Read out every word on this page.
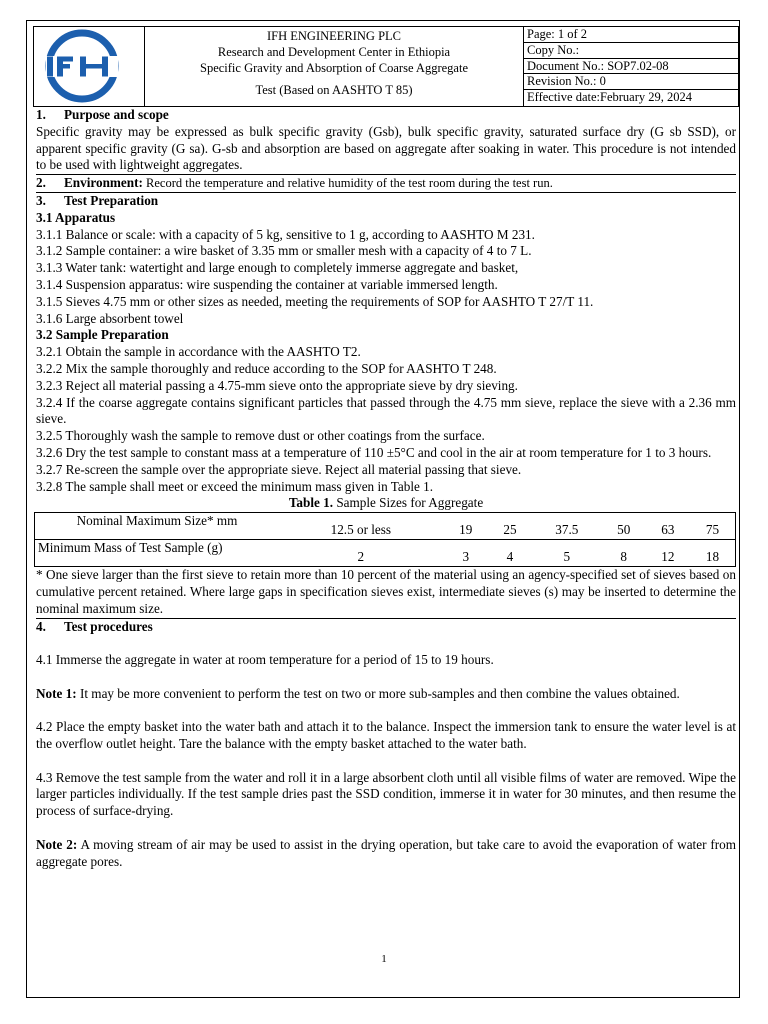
IFH
IFH ENGINEERING PLC
Research and Development Center in Ethiopia
Specific Gravity and Absorption of Coarse Aggregate
Test (Based on AASHTO T 85)
Page: 1 of 2
Copy No.:
Document No.: SOP7.02-08
Revision No.: 0
Effective date:February 29, 2024
1. Purpose and scope

Specific gravity may be expressed as bulk specific gravity (Gsb), bulk specific gravity, saturated surface dry (G sb SSD), or apparent specific gravity (G sa). G-sb and absorption are based on aggregate after soaking in water. This procedure is not intended to be used with lightweight aggregates.

2. Environment: Record the temperature and relative humidity of the test room during the test run.
3. Test Preparation
3.1 Apparatus

3.1.1 Balance or scale: with a capacity of 5 kg, sensitive to 1 g, according to AASHTO M 231.

3.1.2 Sample container: a wire basket of 3.35 mm or smaller mesh with a capacity of 4 to 7 L.

3.1.3 Water tank: watertight and large enough to completely immerse aggregate and basket,

3.1.4 Suspension apparatus: wire suspending the container at variable immersed length.

3.1.5 Sieves 4.75 mm or other sizes as needed, meeting the requirements of SOP for AASHTO T 27/T 11.

3.1.6 Large absorbent towel

3.2 Sample Preparation

3.2.1 Obtain the sample in accordance with the AASHTO T2.

3.2.2 Mix the sample thoroughly and reduce according to the SOP for AASHTO T 248.

3.2.3 Reject all material passing a 4.75-mm sieve onto the appropriate sieve by dry sieving.

3.2.4 If the coarse aggregate contains significant particles that passed through the 4.75 mm sieve, replace the sieve with a 2.36 mm sieve.

3.2.5 Thoroughly wash the sample to remove dust or other coatings from the surface.

3.2.6 Dry the test sample to constant mass at a temperature of 110 ±5°C and cool in the air at room temperature for 1 to 3 hours.

3.2.7 Re-screen the sample over the appropriate sieve. Reject all material passing that sieve.

3.2.8 The sample shall meet or exceed the minimum mass given in Table 1.

Table 1. Sample Sizes for Aggregate
Nominal Maximum Size* mm	12.5 or less	19	25	37.5	50	63	75
Minimum Mass of Test Sample (g)	2	3	4	5	8	12	18

* One sieve larger than the first sieve to retain more than 10 percent of the material using an agency-specified set of sieves based on cumulative percent retained. Where large gaps in specification sieves exist, intermediate sieves (s) may be inserted to determine the nominal maximum size.

4. Test procedures

4.1 Immerse the aggregate in water at room temperature for a period of 15 to 19 hours.

Note 1: It may be more convenient to perform the test on two or more sub-samples and then combine the values obtained.

4.2 Place the empty basket into the water bath and attach it to the balance. Inspect the immersion tank to ensure the water level is at the overflow outlet height. Tare the balance with the empty basket attached to the water bath.

4.3 Remove the test sample from the water and roll it in a large absorbent cloth until all visible films of water are removed. Wipe the larger particles individually. If the test sample dries past the SSD condition, immerse it in water for 30 minutes, and then resume the process of surface-drying.

Note 2: A moving stream of air may be used to assist in the drying operation, but take care to avoid the evaporation of water from aggregate pores.

1
